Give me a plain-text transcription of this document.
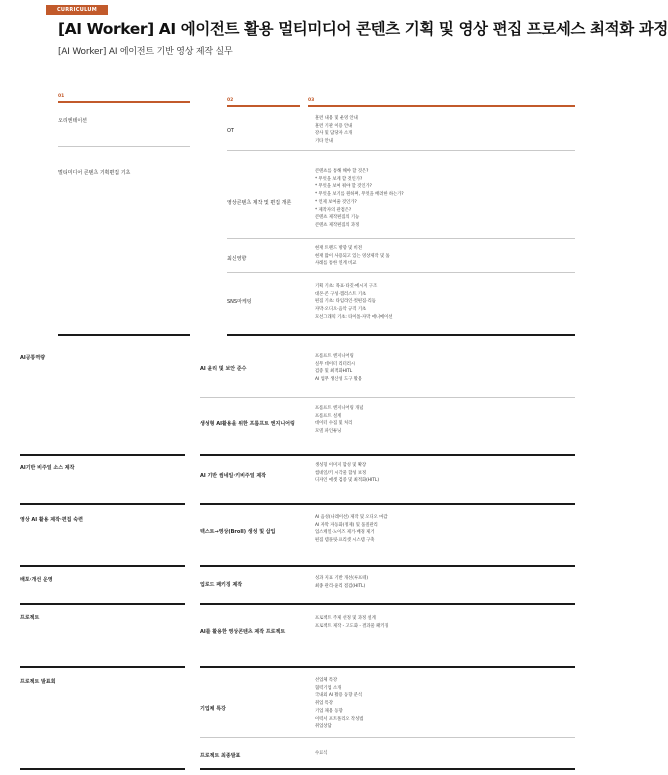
CURRICULUM
[AI Worker] AI 에이전트 활용 멀티미디어 콘텐츠 기획 및 영상 편집 프로세스 최적화 과정
[AI Worker] AI 에이전트 기반 영상 제작 실무
01
02	03
오리엔테이션
멀티미디어 콘텐츠 기획편집 기초
OT
훈련 내용 및 운영 안내
훈련 기관 이용 안내
강사 및 담당자 소개
기타 안내
영상콘텐츠 제작 및 편집 개론
콘텐츠를 통해 해야 할 것은?
* 무엇을 보게 할 것인가?
* 무엇을 보여 줘야 할 것인가?
* 무엇을 보기를 원하며, 무엇을 배려한 하는가?
* 언제 보여줄 것인가?
* 제작자의 관점은?
콘텐츠 제작편집의 기능
콘텐츠 제작편집의 과정
최신영향
현재 트렌드 방향 및 비전
현재 많이 사용되고 있는 영상제작 및 툴
사례를 통한 연계 비교
SNS마케팅
기획 기초: 목표·타깃·메시지 구조
대본·콘 구성·캡러스트 기초
편집 기초: 타임라인·컷편집·리듬
자막·오디오·음악 규격 기초
모션그래픽 기초: 타이틀·자막 애니메이션
AI공통역량
AI기반 비주얼 소스 제작
영상 AI 활용 제작·편집 숙련
배포·개선 운영
프로젝트
프로젝트 발표회
AI 윤리 및 보안 준수
프롬프트 엔지니어링
실무 데이터 리터러시
검증 및 최적화HITL
AI 업무 생산성 도구 활용
생성형 AI활용을 위한 프롬프트 엔지니어링
프롬프트 엔지니어링 개념
프롬프트 설계
데이터 수집 및 처리
모델 파인튜닝
AI 기반 썸네일·키비주얼 제작
생성형 이미지 합성 및 확장
썸네일/키 시각물 합성 보정
디자인 애셋 검증 및 최적화(HITL)
텍스트→영상(Broll) 생성 및 삽입
AI 음성(나레이션) 제작 및 오디오 마감
AI 자막 자동화(정제) 및 품질관리
업스케일·노이즈 제거·배경 제거
편집 템플릿·프리셋 시스템 구축
업로드 패키징 제작
성과 지표 기반 개선(루프테)
최종 관리·윤리 점검(HITL)
AI를 활용한 영상콘텐츠 제작 프로젝트
프로젝트 주제 선정 및 과정 설계
프로젝트 제작 - 고도화 - 결과물 패키징
기업체 특강
선업체 특강
협력기업 소개
국내외 AI 활용 동향 분석
취업 특강
기업 채용 동향
이력서 포트폴리오 작성법
취업상담
프로젝트 최종발표	수료식
